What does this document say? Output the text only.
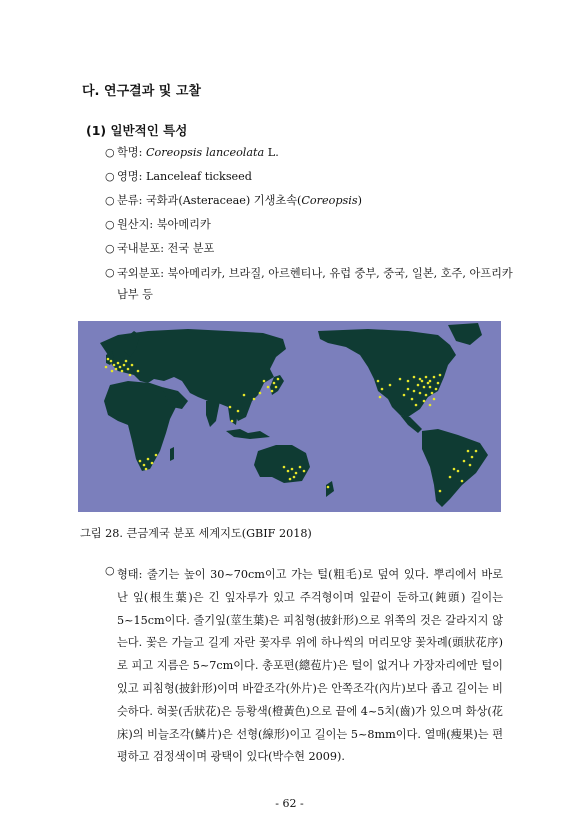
다. 연구결과 및 고찰
(1) 일반적인 특성
○ 학명: Coreopsis lanceolata L.
○ 영명: Lanceleaf tickseed
○ 분류: 국화과(Asteraceae) 기생초속(Coreopsis)
○ 원산지: 북아메리카
○ 국내분포: 전국 분포
○ 국외분포: 북아메리카, 브라질, 아르헨티나, 유럽 중부, 중국, 일본, 호주, 아프리카 남부 등
그림 28. 큰금계국 분포 세계지도(GBIF 2018)
○ 형태: 줄기는 높이 30~70cm이고 가는 털(粗毛)로 덮여 있다. 뿌리에서 바로 난 잎(根生葉)은 긴 잎자루가 있고 주걱형이며 잎끝이 둔하고(鈍頭) 길이는 5~15cm이다. 줄기잎(莖生葉)은 피침형(披針形)으로 위쪽의 것은 갈라지지 않는다. 꽃은 가늘고 길게 자란 꽃자루 위에 하나씩의 머리모양 꽃차례(頭狀花序)로 피고 지름은 5~7cm이다. 총포편(總苞片)은 털이 없거나 가장자리에만 털이 있고 피침형(披針形)이며 바깥조각(外片)은 안쪽조각(內片)보다 좁고 길이는 비슷하다. 혀꽃(舌狀花)은 등황색(橙黃色)으로 끝에 4~5치(齒)가 있으며 화상(花床)의 비늘조각(鱗片)은 선형(線形)이고 길이는 5~8mm이다. 열매(瘦果)는 편평하고 검정색이며 광택이 있다(박수현 2009).
- 62 -
